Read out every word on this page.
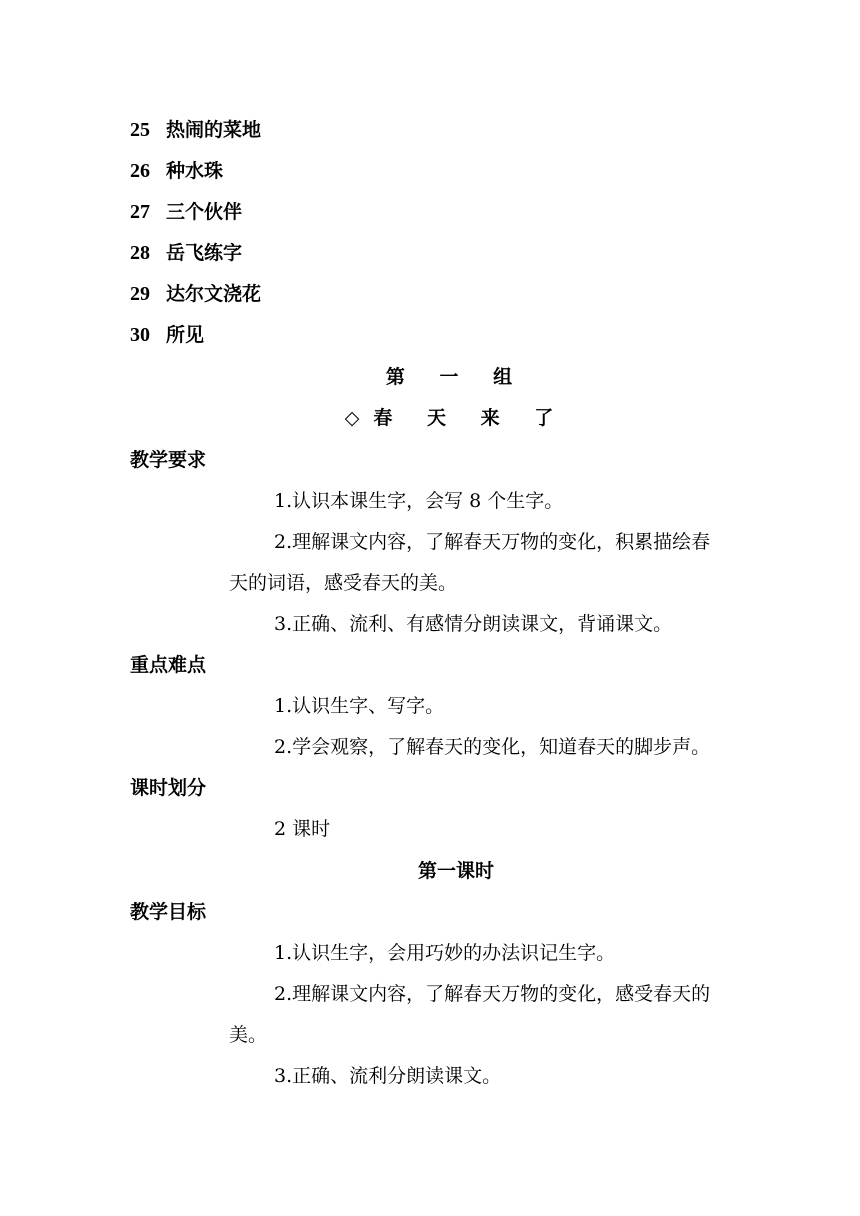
25 热闹的菜地
26 种水珠
27 三个伙伴
28 岳飞练字
29 达尔文浇花
30 所见
第 一 组
◇春 天 来 了
教学要求
1.认识本课生字，会写 8 个生字。
2.理解课文内容，了解春天万物的变化，积累描绘春
天的词语，感受春天的美。
3.正确、流利、有感情分朗读课文，背诵课文。
重点难点
1.认识生字、写字。
2.学会观察，了解春天的变化，知道春天的脚步声。
课时划分
2 课时
第一课时
教学目标
1.认识生字，会用巧妙的办法识记生字。
2.理解课文内容，了解春天万物的变化，感受春天的
美。
3.正确、流利分朗读课文。
